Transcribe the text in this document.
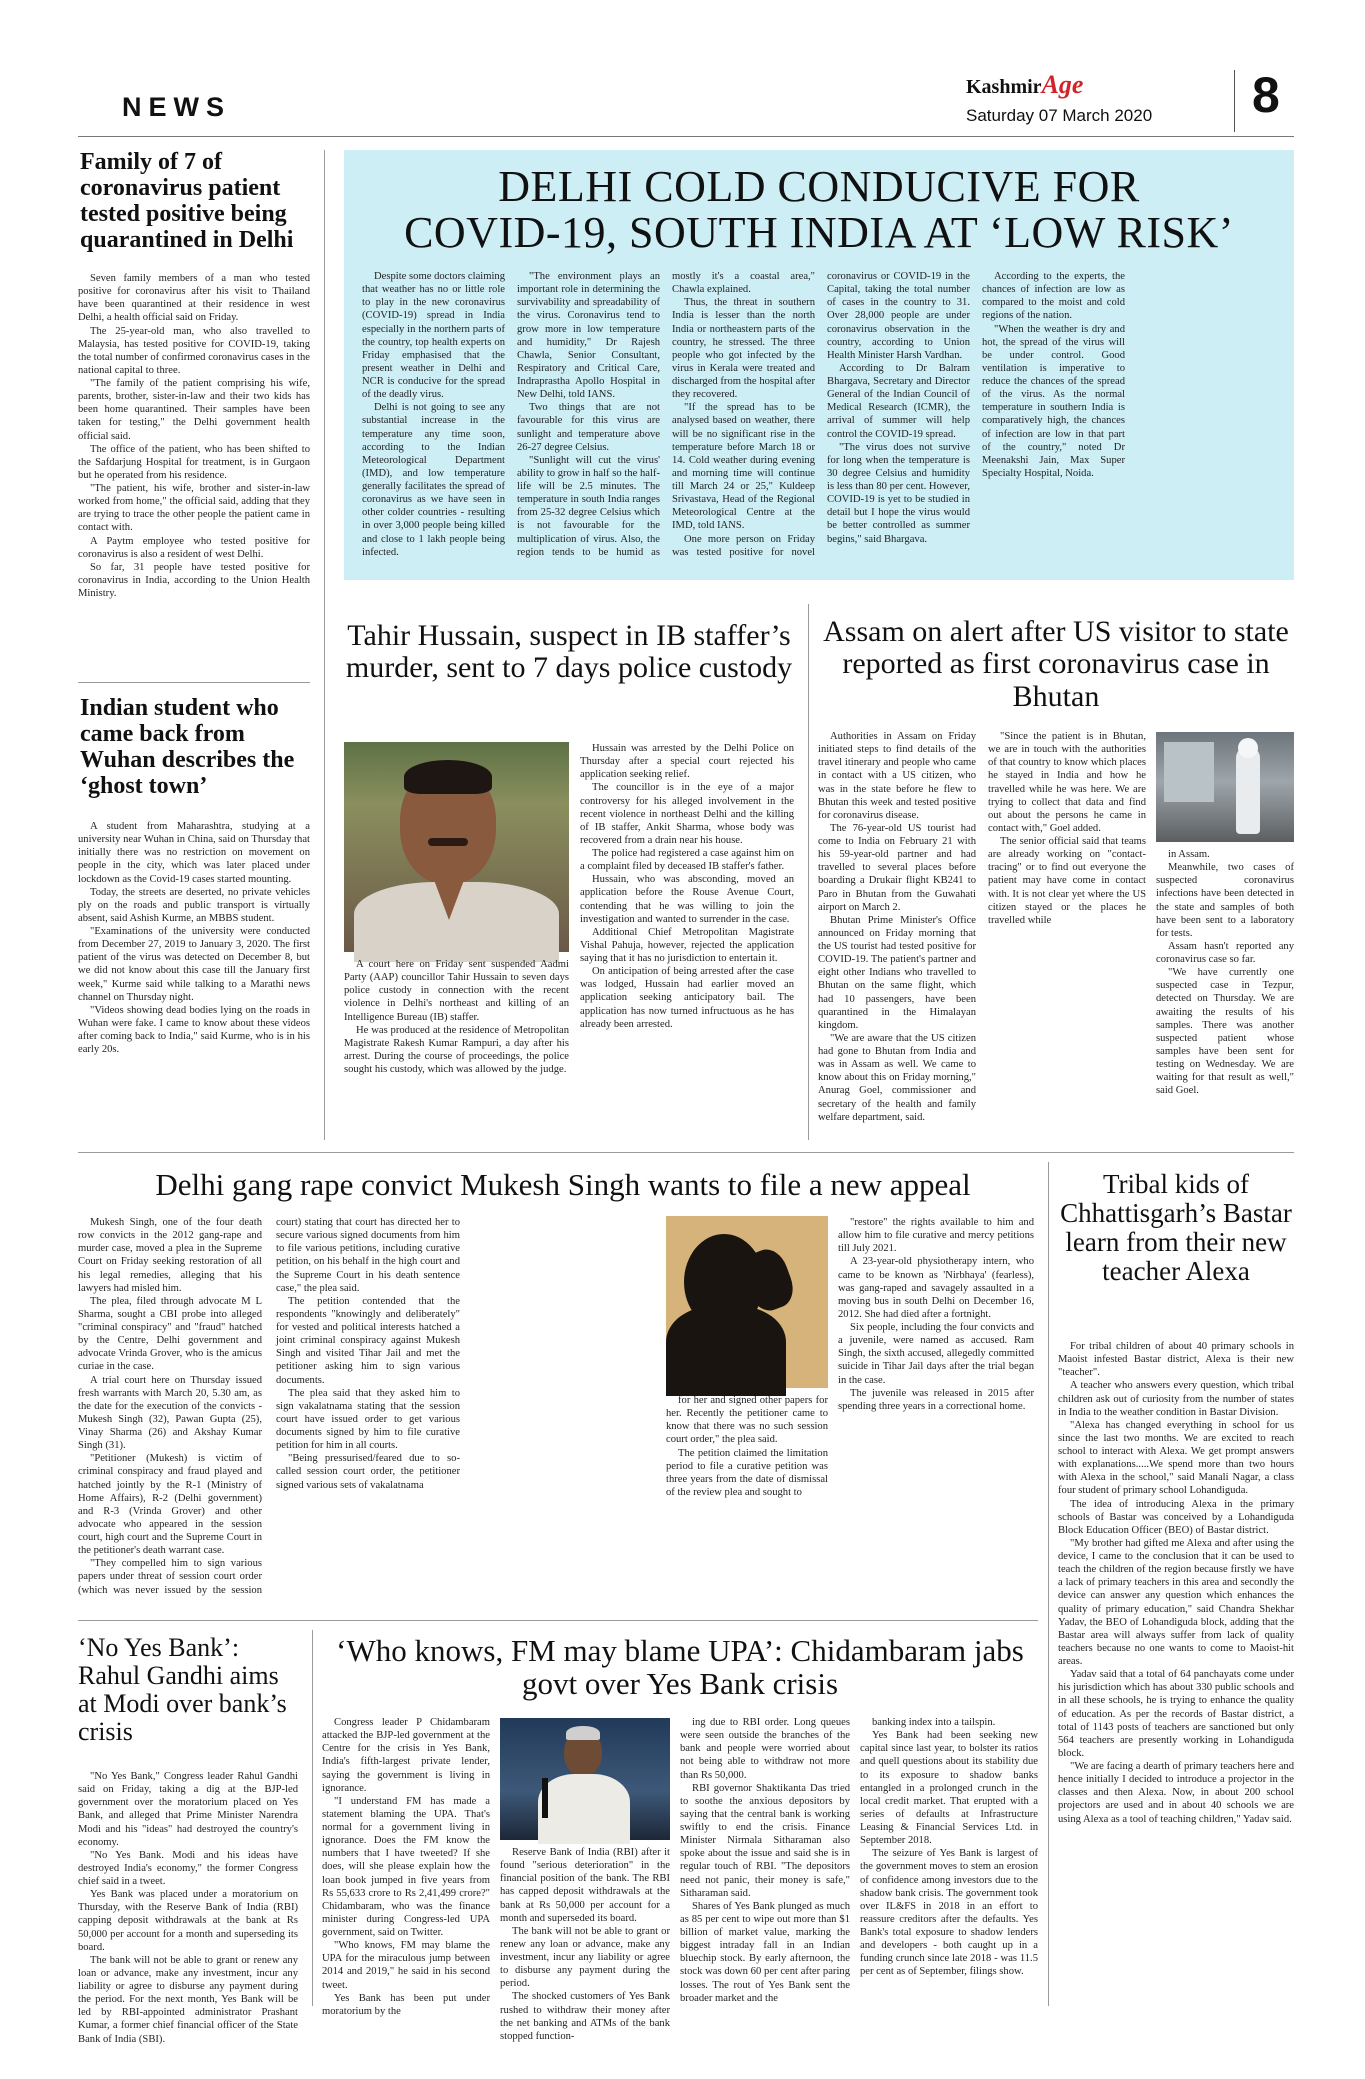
NEWS
KashmirAge
Saturday 07 March 2020 8
Family of 7 of coronavirus patient tested positive being quarantined in Delhi

Seven family members of a man who tested positive for coronavirus after his visit to Thailand have been quarantined at their residence in west Delhi, a health official said on Friday.

The 25-year-old man, who also travelled to Malaysia, has tested positive for COVID-19, taking the total number of confirmed coronavirus cases in the national capital to three.

"The family of the patient comprising his wife, parents, brother, sister-in-law and their two kids has been home quarantined. Their samples have been taken for testing," the Delhi government health official said.

The office of the patient, who has been shifted to the Safdarjung Hospital for treatment, is in Gurgaon but he operated from his residence.

"The patient, his wife, brother and sister-in-law worked from home," the official said, adding that they are trying to trace the other people the patient came in contact with.

A Paytm employee who tested positive for coronavirus is also a resident of west Delhi.

So far, 31 people have tested positive for coronavirus in India, according to the Union Health Ministry.

Indian student who came back from Wuhan describes the ‘ghost town’

A student from Maharashtra, studying at a university near Wuhan in China, said on Thursday that initially there was no restriction on movement on people in the city, which was later placed under lockdown as the Covid-19 cases started mounting.

Today, the streets are deserted, no private vehicles ply on the roads and public transport is virtually absent, said Ashish Kurme, an MBBS student.

"Examinations of the university were conducted from December 27, 2019 to January 3, 2020. The first patient of the virus was detected on December 8, but we did not know about this case till the January first week," Kurme said while talking to a Marathi news channel on Thursday night.

"Videos showing dead bodies lying on the roads in Wuhan were fake. I came to know about these videos after coming back to India," said Kurme, who is in his early 20s.

DELHI COLD CONDUCIVE FOR
COVID-19, SOUTH INDIA AT ‘LOW RISK’

Despite some doctors claiming that weather has no or little role to play in the new coronavirus (COVID-19) spread in India especially in the northern parts of the country, top health experts on Friday emphasised that the present weather in Delhi and NCR is conducive for the spread of the deadly virus.

Delhi is not going to see any substantial increase in the temperature any time soon, according to the Indian Meteorological Department (IMD), and low temperature generally facilitates the spread of coronavirus as we have seen in other colder countries - resulting in over 3,000 people being killed and close to 1 lakh people being infected.

"The environment plays an important role in determining the survivability and spreadability of the virus. Coronavirus tend to grow more in low temperature and humidity," Dr Rajesh Chawla, Senior Consultant, Respiratory and Critical Care, Indraprastha Apollo Hospital in New Delhi, told IANS.

Two things that are not favourable for this virus are sunlight and temperature above 26-27 degree Celsius.

"Sunlight will cut the virus' ability to grow in half so the half-life will be 2.5 minutes. The temperature in south India ranges from 25-32 degree Celsius which is not favourable for the multiplication of virus. Also, the region tends to be humid as mostly it's a coastal area," Chawla explained.

Thus, the threat in southern India is lesser than the north India or northeastern parts of the country, he stressed. The three people who got infected by the virus in Kerala were treated and discharged from the hospital after they recovered.

"If the spread has to be analysed based on weather, there will be no significant rise in the temperature before March 18 or 14. Cold weather during evening and morning time will continue till March 24 or 25," Kuldeep Srivastava, Head of the Regional Meteorological Centre at the IMD, told IANS.

One more person on Friday was tested positive for novel coronavirus or COVID-19 in the Capital, taking the total number of cases in the country to 31. Over 28,000 people are under coronavirus observation in the country, according to Union Health Minister Harsh Vardhan.

According to Dr Balram Bhargava, Secretary and Director General of the Indian Council of Medical Research (ICMR), the arrival of summer will help control the COVID-19 spread.

"The virus does not survive for long when the temperature is 30 degree Celsius and humidity is less than 80 per cent. However, COVID-19 is yet to be studied in detail but I hope the virus would be better controlled as summer begins," said Bhargava.

According to the experts, the chances of infection are low as compared to the moist and cold regions of the nation.

"When the weather is dry and hot, the spread of the virus will be under control. Good ventilation is imperative to reduce the chances of the spread of the virus. As the normal temperature in southern India is comparatively high, the chances of infection are low in that part of the country," noted Dr Meenakshi Jain, Max Super Specialty Hospital, Noida.

Tahir Hussain, suspect in IB staffer’s murder, sent to 7 days police custody

A court here on Friday sent suspended Aadmi Party (AAP) councillor Tahir Hussain to seven days police custody in connection with the recent violence in Delhi's northeast and killing of an Intelligence Bureau (IB) staffer.

He was produced at the residence of Metropolitan Magistrate Rakesh Kumar Rampuri, a day after his arrest. During the course of proceedings, the police sought his custody, which was allowed by the judge.

Hussain was arrested by the Delhi Police on Thursday after a special court rejected his application seeking relief.

The councillor is in the eye of a major controversy for his alleged involvement in the recent violence in northeast Delhi and the killing of IB staffer, Ankit Sharma, whose body was recovered from a drain near his house.

The police had registered a case against him on a complaint filed by deceased IB staffer's father.

Hussain, who was absconding, moved an application before the Rouse Avenue Court, contending that he was willing to join the investigation and wanted to surrender in the case.

Additional Chief Metropolitan Magistrate Vishal Pahuja, however, rejected the application saying that it has no jurisdiction to entertain it.

On anticipation of being arrested after the case was lodged, Hussain had earlier moved an application seeking anticipatory bail. The application has now turned infructuous as he has already been arrested.

Assam on alert after US visitor to state reported as first coronavirus case in Bhutan

Authorities in Assam on Friday initiated steps to find details of the travel itinerary and people who came in contact with a US citizen, who was in the state before he flew to Bhutan this week and tested positive for coronavirus disease.

The 76-year-old US tourist had come to India on February 21 with his 59-year-old partner and had travelled to several places before boarding a Drukair flight KB241 to Paro in Bhutan from the Guwahati airport on March 2.

Bhutan Prime Minister's Office announced on Friday morning that the US tourist had tested positive for COVID-19. The patient's partner and eight other Indians who travelled to Bhutan on the same flight, which had 10 passengers, have been quarantined in the Himalayan kingdom.

"We are aware that the US citizen had gone to Bhutan from India and was in Assam as well. We came to know about this on Friday morning," Anurag Goel, commissioner and secretary of the health and family welfare department, said.

"Since the patient is in Bhutan, we are in touch with the authorities of that country to know which places he stayed in India and how he travelled while he was here. We are trying to collect that data and find out about the persons he came in contact with," Goel added.

The senior official said that teams are already working on "contact-tracing" or to find out everyone the patient may have come in contact with. It is not clear yet where the US citizen stayed or the places he travelled while

in Assam.

Meanwhile, two cases of suspected coronavirus infections have been detected in the state and samples of both have been sent to a laboratory for tests.

Assam hasn't reported any coronavirus case so far.

"We have currently one suspected case in Tezpur, detected on Thursday. We are awaiting the results of his samples. There was another suspected patient whose samples have been sent for testing on Wednesday. We are waiting for that result as well," said Goel.

Delhi gang rape convict Mukesh Singh wants to file a new appeal

Mukesh Singh, one of the four death row convicts in the 2012 gang-rape and murder case, moved a plea in the Supreme Court on Friday seeking restoration of all his legal remedies, alleging that his lawyers had misled him.

The plea, filed through advocate M L Sharma, sought a CBI probe into alleged "criminal conspiracy" and "fraud" hatched by the Centre, Delhi government and advocate Vrinda Grover, who is the amicus curiae in the case.

A trial court here on Thursday issued fresh warrants with March 20, 5.30 am, as the date for the execution of the convicts - Mukesh Singh (32), Pawan Gupta (25), Vinay Sharma (26) and Akshay Kumar Singh (31).

"Petitioner (Mukesh) is victim of criminal conspiracy and fraud played and hatched jointly by the R-1 (Ministry of Home Affairs), R-2 (Delhi government) and R-3 (Vrinda Grover) and other advocate who appeared in the session court, high court and the Supreme Court in the petitioner's death warrant case.

"They compelled him to sign various papers under threat of session court order (which was never issued by the session court) stating that court has directed her to secure various signed documents from him to file various petitions, including curative petition, on his behalf in the high court and the Supreme Court in his death sentence case," the plea said.

The petition contended that the respondents "knowingly and deliberately" for vested and political interests hatched a joint criminal conspiracy against Mukesh Singh and visited Tihar Jail and met the petitioner asking him to sign various documents.

The plea said that they asked him to sign vakalatnama stating that the session court have issued order to get various documents signed by him to file curative petition for him in all courts.

"Being pressurised/feared due to so-called session court order, the petitioner signed various sets of vakalatnama

for her and signed other papers for her. Recently the petitioner came to know that there was no such session court order," the plea said.

The petition claimed the limitation period to file a curative petition was three years from the date of dismissal of the review plea and sought to

"restore" the rights available to him and allow him to file curative and mercy petitions till July 2021.

A 23-year-old physiotherapy intern, who came to be known as 'Nirbhaya' (fearless), was gang-raped and savagely assaulted in a moving bus in south Delhi on December 16, 2012. She had died after a fortnight.

Six people, including the four convicts and a juvenile, were named as accused. Ram Singh, the sixth accused, allegedly committed suicide in Tihar Jail days after the trial began in the case.

The juvenile was released in 2015 after spending three years in a correctional home.

Tribal kids of Chhattisgarh’s Bastar learn from their new teacher Alexa

For tribal children of about 40 primary schools in Maoist infested Bastar district, Alexa is their new "teacher".

A teacher who answers every question, which tribal children ask out of curiosity from the number of states in India to the weather condition in Bastar Division.

"Alexa has changed everything in school for us since the last two months. We are excited to reach school to interact with Alexa. We get prompt answers with explanations.....We spend more than two hours with Alexa in the school," said Manali Nagar, a class four student of primary school Lohandiguda.

The idea of introducing Alexa in the primary schools of Bastar was conceived by a Lohandiguda Block Education Officer (BEO) of Bastar district.

"My brother had gifted me Alexa and after using the device, I came to the conclusion that it can be used to teach the children of the region because firstly we have a lack of primary teachers in this area and secondly the device can answer any question which enhances the quality of primary education," said Chandra Shekhar Yadav, the BEO of Lohandiguda block, adding that the Bastar area will always suffer from lack of quality teachers because no one wants to come to Maoist-hit areas.

Yadav said that a total of 64 panchayats come under his jurisdiction which has about 330 public schools and in all these schools, he is trying to enhance the quality of education. As per the records of Bastar district, a total of 1143 posts of teachers are sanctioned but only 564 teachers are presently working in Lohandiguda block.

"We are facing a dearth of primary teachers here and hence initially I decided to introduce a projector in the classes and then Alexa. Now, in about 200 school projectors are used and in about 40 schools we are using Alexa as a tool of teaching children," Yadav said.

‘No Yes Bank’: Rahul Gandhi aims at Modi over bank’s crisis

"No Yes Bank," Congress leader Rahul Gandhi said on Friday, taking a dig at the BJP-led government over the moratorium placed on Yes Bank, and alleged that Prime Minister Narendra Modi and his "ideas" had destroyed the country's economy.

"No Yes Bank. Modi and his ideas have destroyed India's economy," the former Congress chief said in a tweet.

Yes Bank was placed under a moratorium on Thursday, with the Reserve Bank of India (RBI) capping deposit withdrawals at the bank at Rs 50,000 per account for a month and superseding its board.

The bank will not be able to grant or renew any loan or advance, make any investment, incur any liability or agree to disburse any payment during the period. For the next month, Yes Bank will be led by RBI-appointed administrator Prashant Kumar, a former chief financial officer of the State Bank of India (SBI).

‘Who knows, FM may blame UPA’: Chidambaram jabs govt over Yes Bank crisis

Congress leader P Chidambaram attacked the BJP-led government at the Centre for the crisis in Yes Bank, India's fifth-largest private lender, saying the government is living in ignorance.

"I understand FM has made a statement blaming the UPA. That's normal for a government living in ignorance. Does the FM know the numbers that I have tweeted? If she does, will she please explain how the loan book jumped in five years from Rs 55,633 crore to Rs 2,41,499 crore?" Chidambaram, who was the finance minister during Congress-led UPA government, said on Twitter.

"Who knows, FM may blame the UPA for the miraculous jump between 2014 and 2019," he said in his second tweet.

Yes Bank has been put under moratorium by the

Reserve Bank of India (RBI) after it found "serious deterioration" in the financial position of the bank. The RBI has capped deposit withdrawals at the bank at Rs 50,000 per account for a month and superseded its board.

The bank will not be able to grant or renew any loan or advance, make any investment, incur any liability or agree to disburse any payment during the period.

The shocked customers of Yes Bank rushed to withdraw their money after the net banking and ATMs of the bank stopped function-

ing due to RBI order. Long queues were seen outside the branches of the bank and people were worried about not being able to withdraw not more than Rs 50,000.

RBI governor Shaktikanta Das tried to soothe the anxious depositors by saying that the central bank is working swiftly to end the crisis. Finance Minister Nirmala Sitharaman also spoke about the issue and said she is in regular touch of RBI. "The depositors need not panic, their money is safe," Sitharaman said.

Shares of Yes Bank plunged as much as 85 per cent to wipe out more than $1 billion of market value, marking the biggest intraday fall in an Indian bluechip stock. By early afternoon, the stock was down 60 per cent after paring losses. The rout of Yes Bank sent the broader market and the

banking index into a tailspin.

Yes Bank had been seeking new capital since last year, to bolster its ratios and quell questions about its stability due to its exposure to shadow banks entangled in a prolonged crunch in the local credit market. That erupted with a series of defaults at Infrastructure Leasing & Financial Services Ltd. in September 2018.

The seizure of Yes Bank is largest of the government moves to stem an erosion of confidence among investors due to the shadow bank crisis. The government took over IL&FS in 2018 in an effort to reassure creditors after the defaults. Yes Bank's total exposure to shadow lenders and developers - both caught up in a funding crunch since late 2018 - was 11.5 per cent as of September, filings show.
